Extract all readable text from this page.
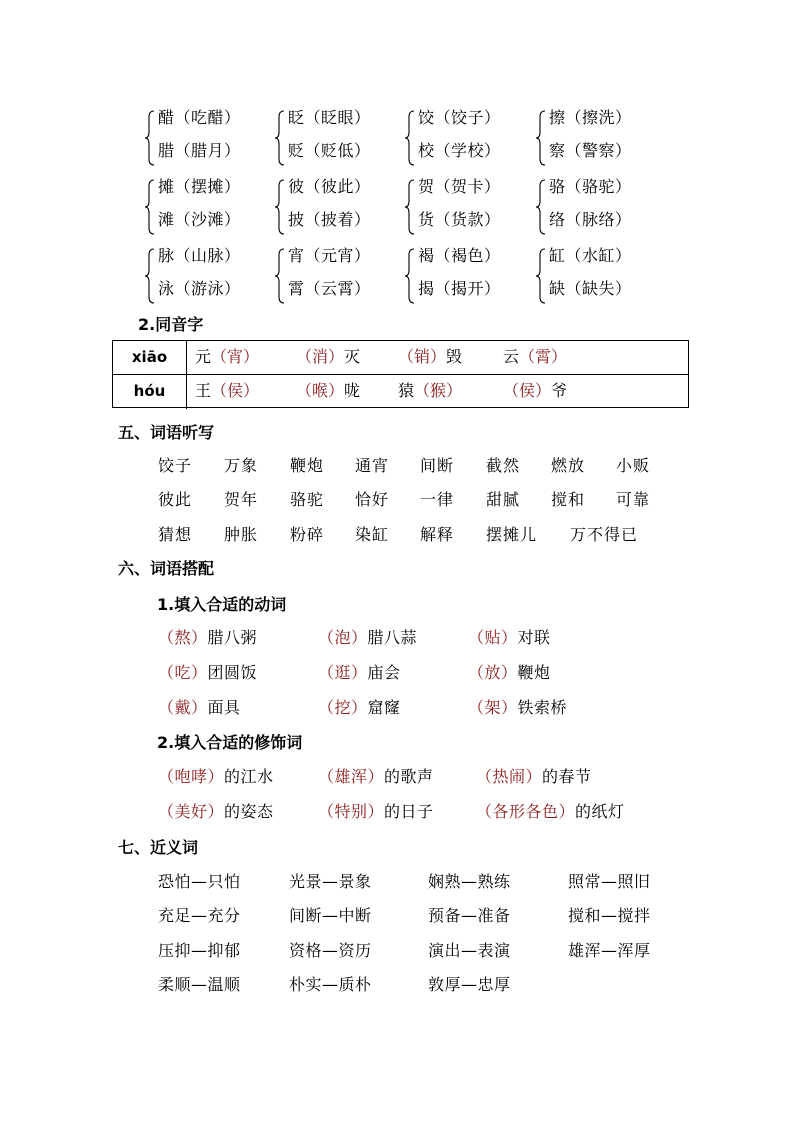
醋（吃醋）
腊（腊月）
眨（眨眼）
贬（贬低）
饺（饺子）
校（学校）
擦（擦洗）
察（警察）
摊（摆摊）
滩（沙滩）
彼（彼此）
披（披着）
贺（贺卡）
货（货款）
骆（骆驼）
络（脉络）
脉（山脉）
泳（游泳）
宵（元宵）
霄（云霄）
褐（褐色）
揭（揭开）
缸（水缸）
缺（缺失）
2.同音字
xiāo	元（宵） （消）灭 （销）毁	云（霄）
hóu	王（侯） （喉）咙 猿（猴）	（侯）爷
五、词语听写
饺子 万象 鞭炮 通宵 间断 截然 燃放 小贩
彼此 贺年 骆驼 恰好 一律 甜腻 搅和 可靠
猜想 肿胀 粉碎 染缸 解释 摆摊儿 万不得已
六、词语搭配
1.填入合适的动词
（熬）腊八粥	（泡）腊八蒜	（贴）对联
（吃）团圆饭	（逛）庙会	（放）鞭炮
（戴）面具	（挖）窟窿	（架）铁索桥
2.填入合适的修饰词
（咆哮）的江水	（雄浑）的歌声	（热闹）的春节
（美好）的姿态	（特别）的日子	（各形各色）的纸灯
七、近义词
恐怕—只怕	光景—景象	娴熟—熟练	照常—照旧
充足—充分	间断—中断	预备—准备	搅和—搅拌
压抑—抑郁	资格—资历	演出—表演	雄浑—浑厚
柔顺—温顺	朴实—质朴	敦厚—忠厚
